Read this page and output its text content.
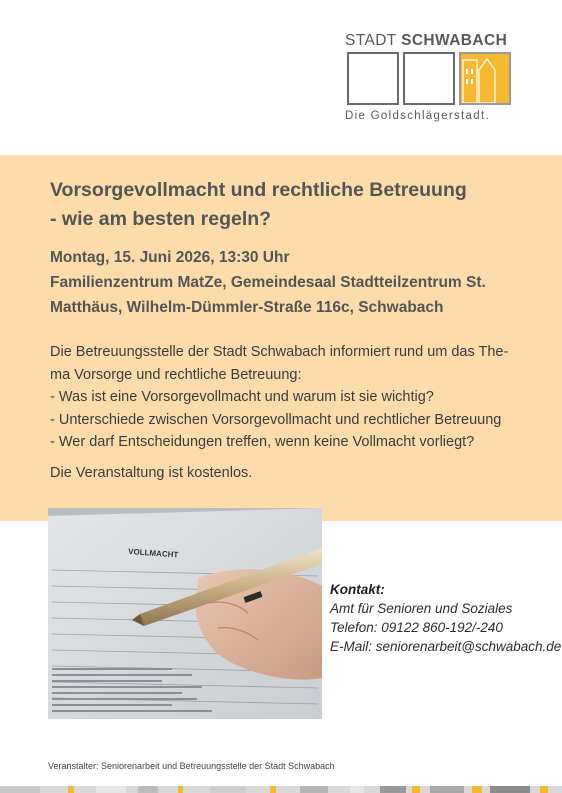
STADT SCHWABACH
Die Goldschlägerstadt.
Vorsorgevollmacht und rechtliche Betreuung
- wie am besten regeln?
Montag, 15. Juni 2026, 13:30 Uhr
Familienzentrum MatZe, Gemeindesaal Stadtteilzentrum St.
Matthäus, Wilhelm-Dümmler-Straße 116c, Schwabach
Die Betreuungsstelle der Stadt Schwabach informiert rund um das The-
ma Vorsorge und rechtliche Betreuung:
- Was ist eine Vorsorgevollmacht und warum ist sie wichtig?
- Unterschiede zwischen Vorsorgevollmacht und rechtlicher Betreuung
- Wer darf Entscheidungen treffen, wenn keine Vollmacht vorliegt?
Die Veranstaltung ist kostenlos.
VOLLMACHT
Kontakt:
Amt für Senioren und Soziales
Telefon: 09122 860-192/-240
E-Mail: seniorenarbeit@schwabach.de
Veranstalter: Seniorenarbeit und Betreuungsstelle der Stadt Schwabach
